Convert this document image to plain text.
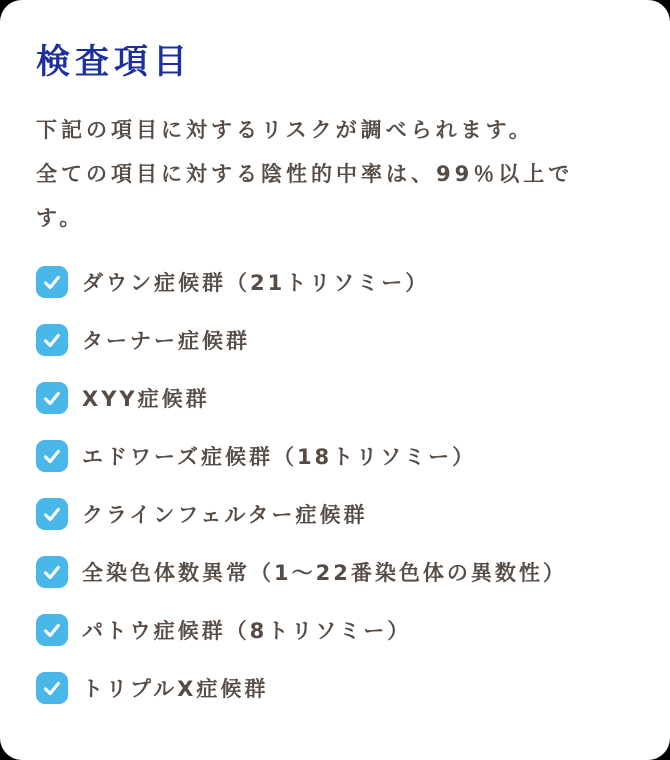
検査項目

下記の項目に対するリスクが調べられます。
全ての項目に対する陰性的中率は、99％以上です。

ダウン症候群（21トリソミー）
ターナー症候群
XYY症候群
エドワーズ症候群（18トリソミー）
クラインフェルター症候群
全染色体数異常（1〜22番染色体の異数性）
パトウ症候群（8トリソミー）
トリプルX症候群
